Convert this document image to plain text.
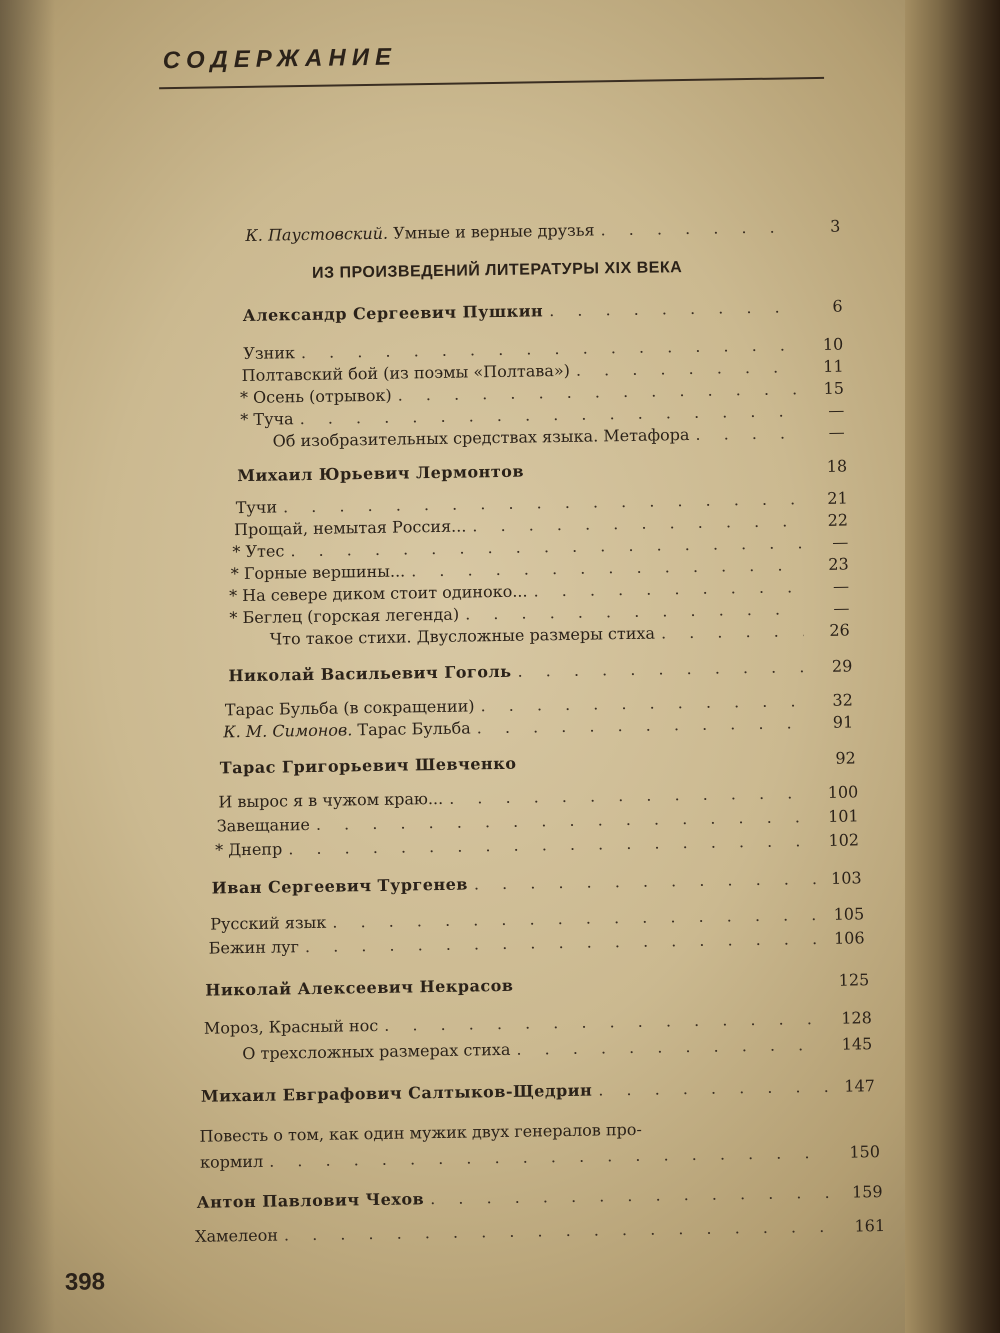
СОДЕРЖАНИЕ
К. Паустовский. Умные и верные друзья . . .	3
ИЗ ПРОИЗВЕДЕНИЙ ЛИТЕРАТУРЫ XIX ВЕКА
Александр Сергеевич Пушкин . . .	6
Узник . . .	10
Полтавский бой (из поэмы «Полтава») . . .	11
* Осень (отрывок) . . .	15
* Туча . . .	—
Об изобразительных средствах языка. Метафора . . .	—
Михаил Юрьевич Лермонтов	18
Тучи . . .	21
Прощай, немытая Россия... . . .	22
* Утес . . .	—
* Горные вершины... . . .	23
* На севере диком стоит одиноко... . . .	—
* Беглец (горская легенда) . . .	—
Что такое стихи. Двусложные размеры стиха . . .	26
Николай Васильевич Гоголь . . .	29
Тарас Бульба (в сокращении) . . .	32
К. М. Симонов. Тарас Бульба . . .	91
Тарас Григорьевич Шевченко	92
И вырос я в чужом краю... . . .	100
Завещание . . .	101
* Днепр . . .	102
Иван Сергеевич Тургенев . . .	103
Русский язык . . .	105
Бежин луг . . .	106
Николай Алексеевич Некрасов	125
Мороз, Красный нос . . .	128
О трехсложных размерах стиха . . .	145
Михаил Евграфович Салтыков-Щедрин . . .	147
Повесть о том, как один мужик двух генералов про-
кормил . . .	150
Антон Павлович Чехов . . .	159
Хамелеон . . .	161
398
